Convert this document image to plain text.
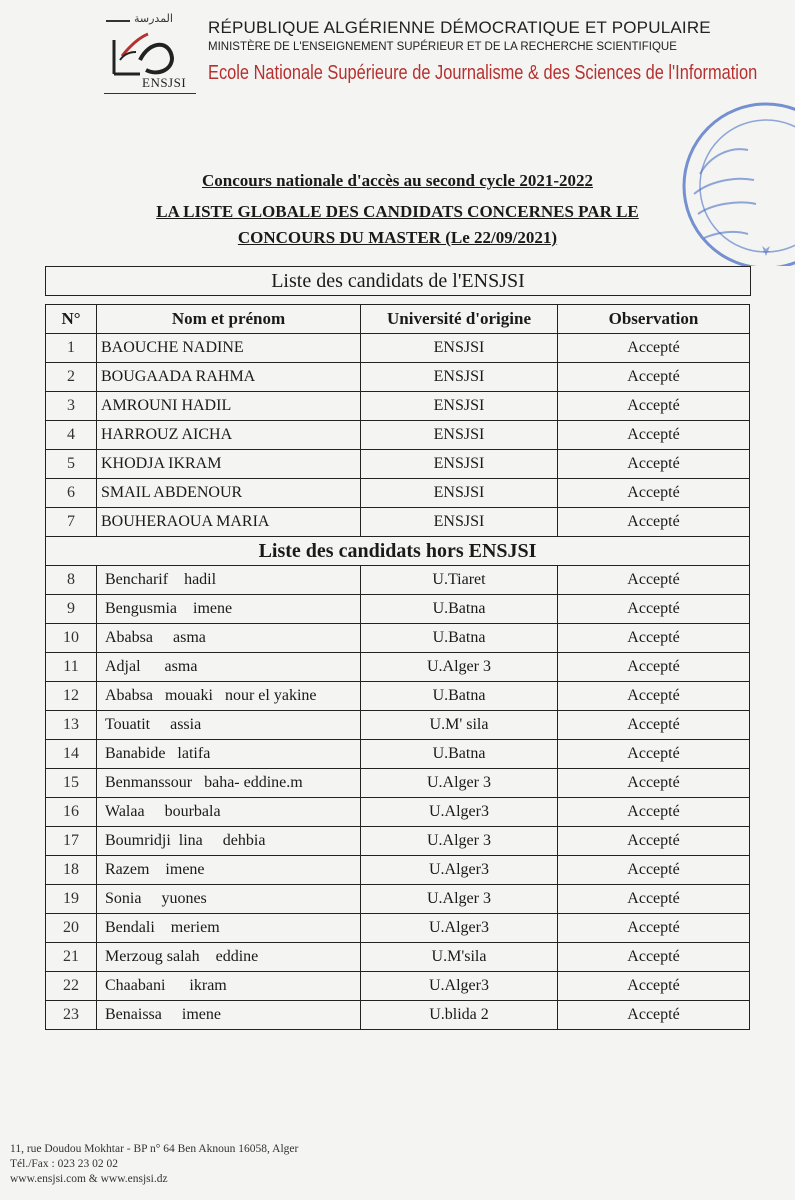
المدرسة
ENSJSI
RÉPUBLIQUE ALGÉRIENNE DÉMOCRATIQUE ET POPULAIRE
MINISTÈRE DE L'ENSEIGNEMENT SUPÉRIEUR ET DE LA RECHERCHE SCIENTIFIQUE
Ecole Nationale Supérieure de Journalisme & des Sciences de l'Information
Concours nationale d'accès au second cycle 2021-2022
LA LISTE GLOBALE DES CANDIDATS CONCERNES PAR LE
CONCOURS DU MASTER (Le 22/09/2021)
Liste des candidats de l'ENSJSI
N°	Nom et prénom	Université d'origine	Observation
1	BAOUCHE NADINE	ENSJSI	Accepté
2	BOUGAADA RAHMA	ENSJSI	Accepté
3	AMROUNI HADIL	ENSJSI	Accepté
4	HARROUZ AICHA	ENSJSI	Accepté
5	KHODJA IKRAM	ENSJSI	Accepté
6	SMAIL ABDENOUR	ENSJSI	Accepté
7	BOUHERAOUA MARIA	ENSJSI	Accepté
Liste des candidats hors ENSJSI			
8	Bencharif    hadil	U.Tiaret	Accepté
9	Bengusmia    imene	U.Batna	Accepté
10	Ababsa     asma	U.Batna	Accepté
11	Adjal      asma	U.Alger 3	Accepté
12	Ababsa   mouaki   nour el yakine	U.Batna	Accepté
13	Touatit     assia	U.M' sila	Accepté
14	Banabide   latifa	U.Batna	Accepté
15	Benmanssour   baha- eddine.m	U.Alger 3	Accepté
16	Walaa     bourbala	U.Alger3	Accepté
17	Boumridji  lina     dehbia	U.Alger 3	Accepté
18	Razem    imene	U.Alger3	Accepté
19	Sonia     yuones	U.Alger 3	Accepté
20	Bendali    meriem	U.Alger3	Accepté
21	Merzoug salah    eddine	U.M'sila	Accepté
22	Chaabani      ikram	U.Alger3	Accepté
23	Benaissa     imene	U.blida 2	Accepté
11, rue Doudou Mokhtar - BP n° 64 Ben Aknoun 16058, Alger
Tél./Fax : 023 23 02 02
www.ensjsi.com & www.ensjsi.dz
